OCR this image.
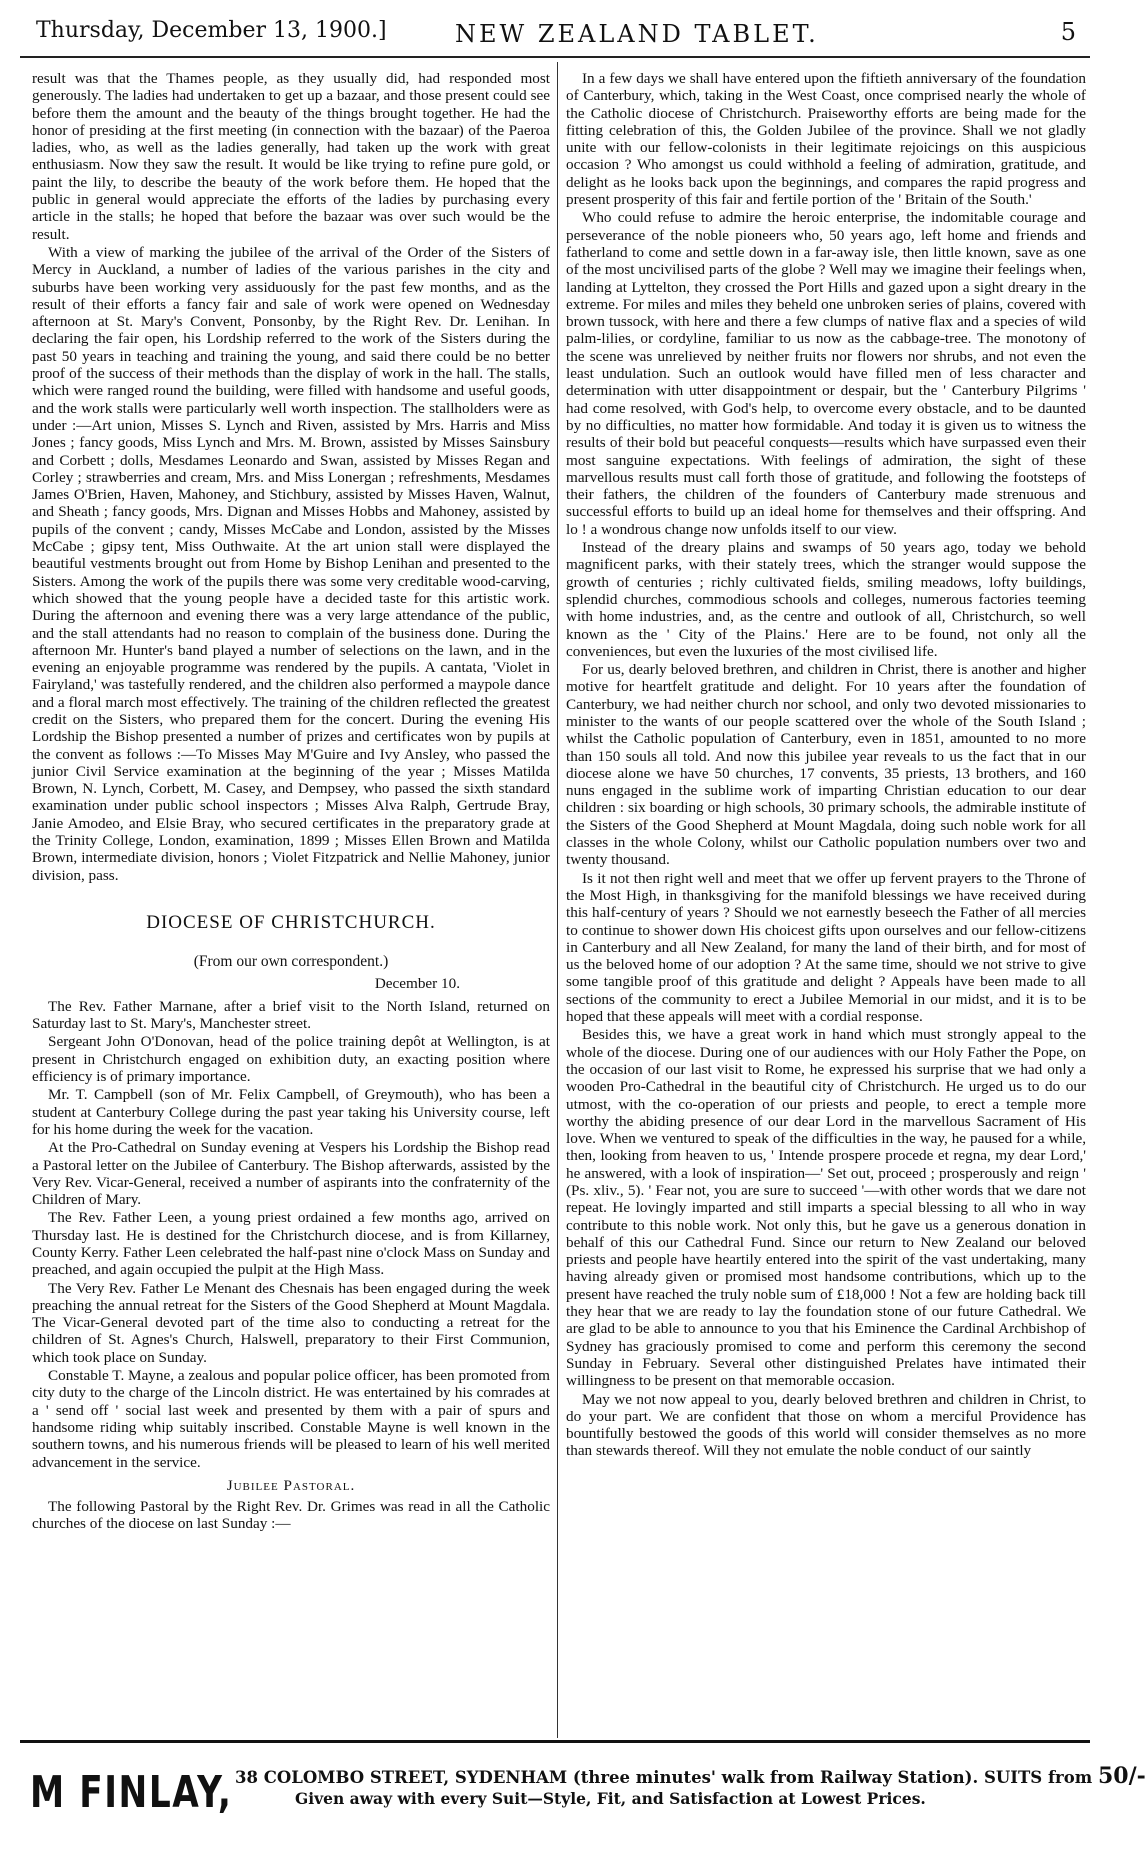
Thursday, December 13, 1900.]	NEW ZEALAND TABLET.	5

result was that the Thames people, as they usually did, had responded most generously. The ladies had undertaken to get up a bazaar, and those present could see before them the amount and the beauty of the things brought together. He had the honor of presiding at the first meeting (in connection with the bazaar) of the Paeroa ladies, who, as well as the ladies generally, had taken up the work with great enthusiasm. Now they saw the result. It would be like trying to refine pure gold, or paint the lily, to describe the beauty of the work before them. He hoped that the public in general would appreciate the efforts of the ladies by purchasing every article in the stalls; he hoped that before the bazaar was over such would be the result.

With a view of marking the jubilee of the arrival of the Order of the Sisters of Mercy in Auckland, a number of ladies of the various parishes in the city and suburbs have been working very assiduously for the past few months, and as the result of their efforts a fancy fair and sale of work were opened on Wednesday afternoon at St. Mary's Convent, Ponsonby, by the Right Rev. Dr. Lenihan. In declaring the fair open, his Lordship referred to the work of the Sisters during the past 50 years in teaching and training the young, and said there could be no better proof of the success of their methods than the display of work in the hall. The stalls, which were ranged round the building, were filled with handsome and useful goods, and the work stalls were particularly well worth inspection. The stallholders were as under :—Art union, Misses S. Lynch and Riven, assisted by Mrs. Harris and Miss Jones ; fancy goods, Miss Lynch and Mrs. M. Brown, assisted by Misses Sainsbury and Corbett ; dolls, Mesdames Leonardo and Swan, assisted by Misses Regan and Corley ; strawberries and cream, Mrs. and Miss Lonergan ; refreshments, Mesdames James O'Brien, Haven, Mahoney, and Stichbury, assisted by Misses Haven, Walnut, and Sheath ; fancy goods, Mrs. Dignan and Misses Hobbs and Mahoney, assisted by pupils of the convent ; candy, Misses McCabe and London, assisted by the Misses McCabe ; gipsy tent, Miss Outhwaite. At the art union stall were displayed the beautiful vestments brought out from Home by Bishop Lenihan and presented to the Sisters. Among the work of the pupils there was some very creditable wood-carving, which showed that the young people have a decided taste for this artistic work. During the afternoon and evening there was a very large attendance of the public, and the stall attendants had no reason to complain of the business done. During the afternoon Mr. Hunter's band played a number of selections on the lawn, and in the evening an enjoyable programme was rendered by the pupils. A cantata, 'Violet in Fairyland,' was tastefully rendered, and the children also performed a maypole dance and a floral march most effectively. The training of the children reflected the greatest credit on the Sisters, who prepared them for the concert. During the evening His Lordship the Bishop presented a number of prizes and certificates won by pupils at the convent as follows :—To Misses May M'Guire and Ivy Ansley, who passed the junior Civil Service examination at the beginning of the year ; Misses Matilda Brown, N. Lynch, Corbett, M. Casey, and Dempsey, who passed the sixth standard examination under public school inspectors ; Misses Alva Ralph, Gertrude Bray, Janie Amodeo, and Elsie Bray, who secured certificates in the preparatory grade at the Trinity College, London, examination, 1899 ; Misses Ellen Brown and Matilda Brown, intermediate division, honors ; Violet Fitzpatrick and Nellie Mahoney, junior division, pass.

DIOCESE OF CHRISTCHURCH.
(From our own correspondent.)
December 10.

The Rev. Father Marnane, after a brief visit to the North Island, returned on Saturday last to St. Mary's, Manchester street.

Sergeant John O'Donovan, head of the police training depôt at Wellington, is at present in Christchurch engaged on exhibition duty, an exacting position where efficiency is of primary importance.

Mr. T. Campbell (son of Mr. Felix Campbell, of Greymouth), who has been a student at Canterbury College during the past year taking his University course, left for his home during the week for the vacation.

At the Pro-Cathedral on Sunday evening at Vespers his Lordship the Bishop read a Pastoral letter on the Jubilee of Canterbury. The Bishop afterwards, assisted by the Very Rev. Vicar-General, received a number of aspirants into the confraternity of the Children of Mary.

The Rev. Father Leen, a young priest ordained a few months ago, arrived on Thursday last. He is destined for the Christchurch diocese, and is from Killarney, County Kerry. Father Leen celebrated the half-past nine o'clock Mass on Sunday and preached, and again occupied the pulpit at the High Mass.

The Very Rev. Father Le Menant des Chesnais has been engaged during the week preaching the annual retreat for the Sisters of the Good Shepherd at Mount Magdala. The Vicar-General devoted part of the time also to conducting a retreat for the children of St. Agnes's Church, Halswell, preparatory to their First Communion, which took place on Sunday.

Constable T. Mayne, a zealous and popular police officer, has been promoted from city duty to the charge of the Lincoln district. He was entertained by his comrades at a ' send off ' social last week and presented by them with a pair of spurs and handsome riding whip suitably inscribed. Constable Mayne is well known in the southern towns, and his numerous friends will be pleased to learn of his well merited advancement in the service.

Jubilee Pastoral.

The following Pastoral by the Right Rev. Dr. Grimes was read in all the Catholic churches of the diocese on last Sunday :—

In a few days we shall have entered upon the fiftieth anniversary of the foundation of Canterbury, which, taking in the West Coast, once comprised nearly the whole of the Catholic diocese of Christchurch. Praiseworthy efforts are being made for the fitting celebration of this, the Golden Jubilee of the province. Shall we not gladly unite with our fellow-colonists in their legitimate rejoicings on this auspicious occasion ? Who amongst us could withhold a feeling of admiration, gratitude, and delight as he looks back upon the beginnings, and compares the rapid progress and present prosperity of this fair and fertile portion of the ' Britain of the South.'

Who could refuse to admire the heroic enterprise, the indomitable courage and perseverance of the noble pioneers who, 50 years ago, left home and friends and fatherland to come and settle down in a far-away isle, then little known, save as one of the most uncivilised parts of the globe ? Well may we imagine their feelings when, landing at Lyttelton, they crossed the Port Hills and gazed upon a sight dreary in the extreme. For miles and miles they beheld one unbroken series of plains, covered with brown tussock, with here and there a few clumps of native flax and a species of wild palm-lilies, or cordyline, familiar to us now as the cabbage-tree. The monotony of the scene was unrelieved by neither fruits nor flowers nor shrubs, and not even the least undulation. Such an outlook would have filled men of less character and determination with utter disappointment or despair, but the ' Canterbury Pilgrims ' had come resolved, with God's help, to overcome every obstacle, and to be daunted by no difficulties, no matter how formidable. And today it is given us to witness the results of their bold but peaceful conquests—results which have surpassed even their most sanguine expectations. With feelings of admiration, the sight of these marvellous results must call forth those of gratitude, and following the footsteps of their fathers, the children of the founders of Canterbury made strenuous and successful efforts to build up an ideal home for themselves and their offspring. And lo ! a wondrous change now unfolds itself to our view.

Instead of the dreary plains and swamps of 50 years ago, today we behold magnificent parks, with their stately trees, which the stranger would suppose the growth of centuries ; richly cultivated fields, smiling meadows, lofty buildings, splendid churches, commodious schools and colleges, numerous factories teeming with home industries, and, as the centre and outlook of all, Christchurch, so well known as the ' City of the Plains.' Here are to be found, not only all the conveniences, but even the luxuries of the most civilised life.

For us, dearly beloved brethren, and children in Christ, there is another and higher motive for heartfelt gratitude and delight. For 10 years after the foundation of Canterbury, we had neither church nor school, and only two devoted missionaries to minister to the wants of our people scattered over the whole of the South Island ; whilst the Catholic population of Canterbury, even in 1851, amounted to no more than 150 souls all told. And now this jubilee year reveals to us the fact that in our diocese alone we have 50 churches, 17 convents, 35 priests, 13 brothers, and 160 nuns engaged in the sublime work of imparting Christian education to our dear children : six boarding or high schools, 30 primary schools, the admirable institute of the Sisters of the Good Shepherd at Mount Magdala, doing such noble work for all classes in the whole Colony, whilst our Catholic population numbers over two and twenty thousand.

Is it not then right well and meet that we offer up fervent prayers to the Throne of the Most High, in thanksgiving for the manifold blessings we have received during this half-century of years ? Should we not earnestly beseech the Father of all mercies to continue to shower down His choicest gifts upon ourselves and our fellow-citizens in Canterbury and all New Zealand, for many the land of their birth, and for most of us the beloved home of our adoption ? At the same time, should we not strive to give some tangible proof of this gratitude and delight ? Appeals have been made to all sections of the community to erect a Jubilee Memorial in our midst, and it is to be hoped that these appeals will meet with a cordial response.

Besides this, we have a great work in hand which must strongly appeal to the whole of the diocese. During one of our audiences with our Holy Father the Pope, on the occasion of our last visit to Rome, he expressed his surprise that we had only a wooden Pro-Cathedral in the beautiful city of Christchurch. He urged us to do our utmost, with the co-operation of our priests and people, to erect a temple more worthy the abiding presence of our dear Lord in the marvellous Sacrament of His love. When we ventured to speak of the difficulties in the way, he paused for a while, then, looking from heaven to us, ' Intende prospere procede et regna, my dear Lord,' he answered, with a look of inspiration—' Set out, proceed ; prosperously and reign ' (Ps. xliv., 5). ' Fear not, you are sure to succeed '—with other words that we dare not repeat. He lovingly imparted and still imparts a special blessing to all who in way contribute to this noble work. Not only this, but he gave us a generous donation in behalf of this our Cathedral Fund. Since our return to New Zealand our beloved priests and people have heartily entered into the spirit of the vast undertaking, many having already given or promised most handsome contributions, which up to the present have reached the truly noble sum of £18,000 ! Not a few are holding back till they hear that we are ready to lay the foundation stone of our future Cathedral. We are glad to be able to announce to you that his Eminence the Cardinal Archbishop of Sydney has graciously promised to come and perform this ceremony the second Sunday in February. Several other distinguished Prelates have intimated their willingness to be present on that memorable occasion.

May we not now appeal to you, dearly beloved brethren and children in Christ, to do your part. We are confident that those on whom a merciful Providence has bountifully bestowed the goods of this world will consider themselves as no more than stewards thereof. Will they not emulate the noble conduct of our saintly

M FINLAY, 38 COLOMBO STREET, SYDENHAM (three minutes' walk from Railway Station). SUITS from 50/-
Given away with every Suit—Style, Fit, and Satisfaction at Lowest Prices.
